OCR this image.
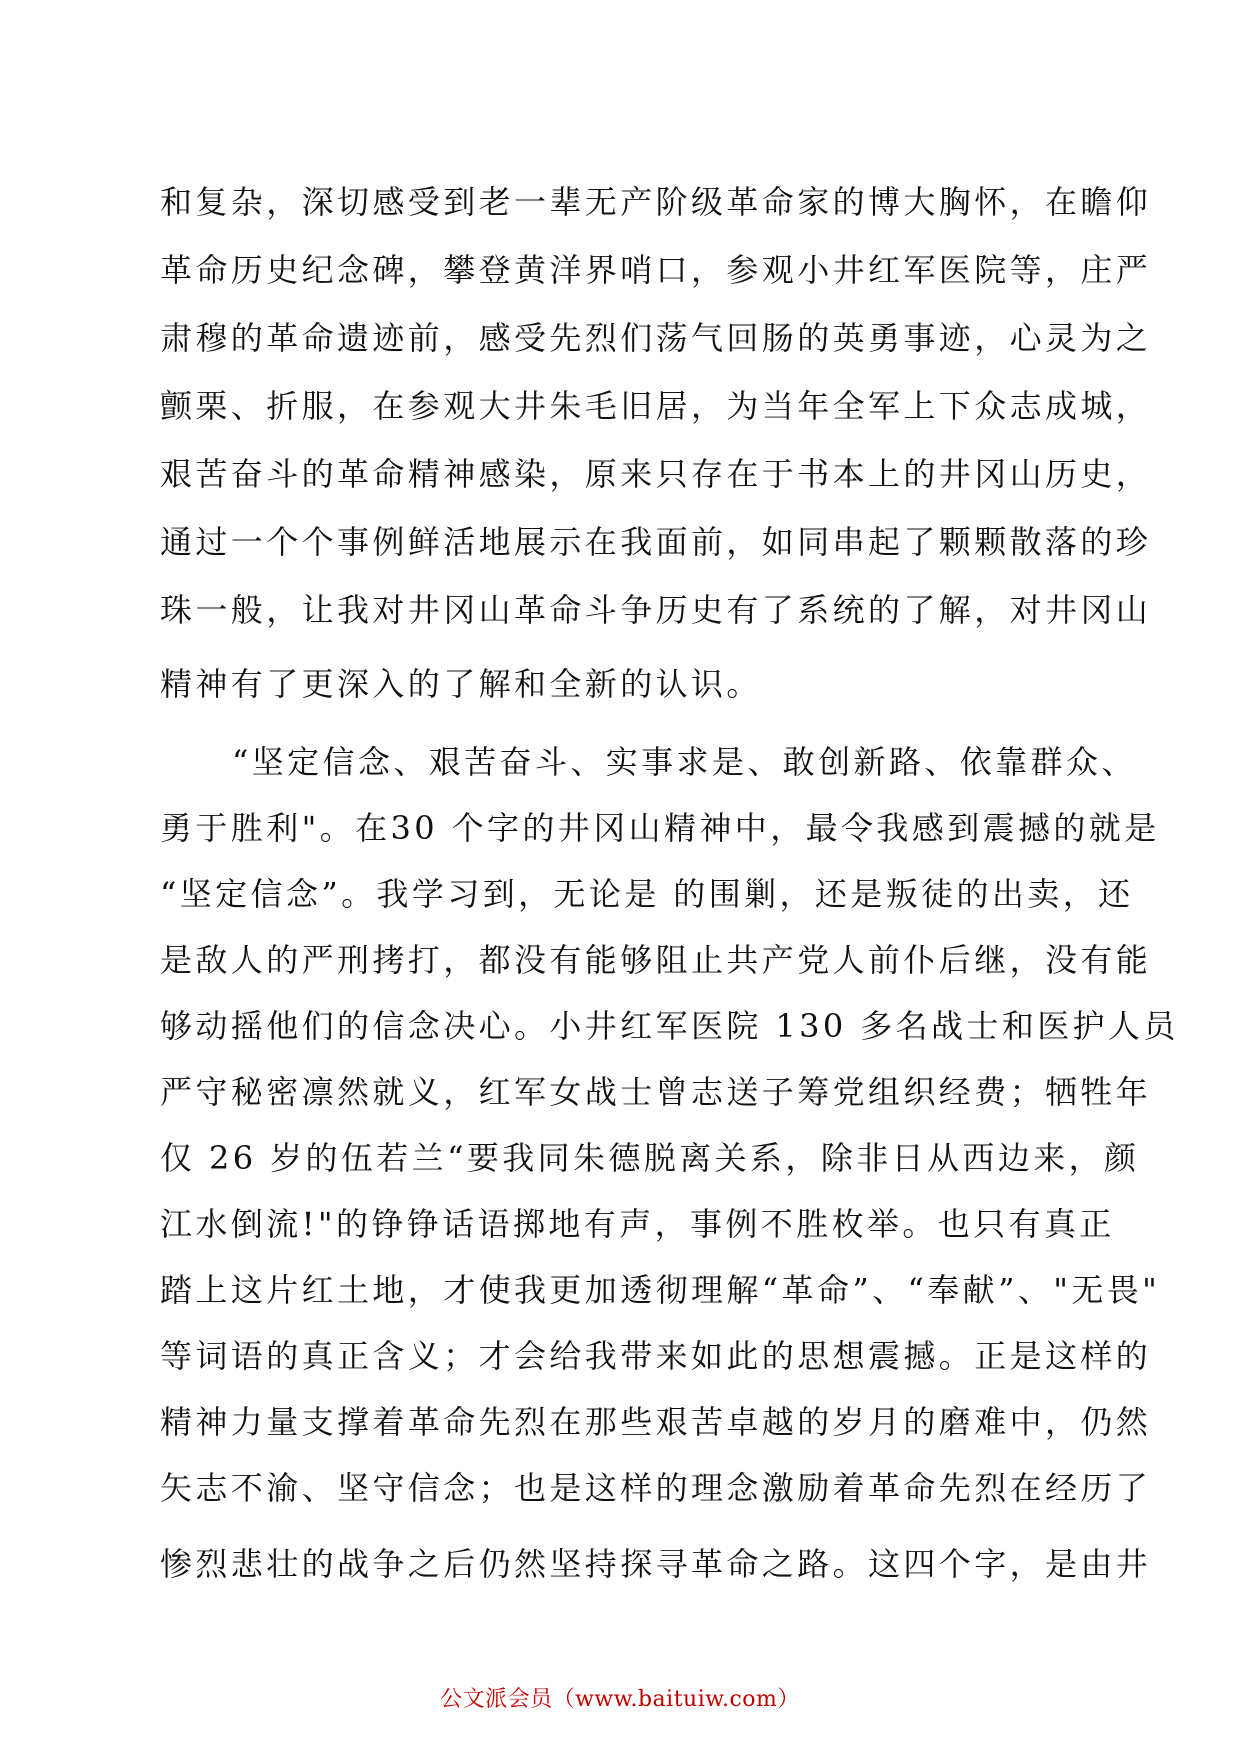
和复杂，深切感受到老一辈无产阶级革命家的博大胸怀，在瞻仰
革命历史纪念碑，攀登黄洋界哨口，参观小井红军医院等，庄严
肃穆的革命遗迹前，感受先烈们荡气回肠的英勇事迹，心灵为之
颤栗、折服，在参观大井朱毛旧居，为当年全军上下众志成城，
艰苦奋斗的革命精神感染，原来只存在于书本上的井冈山历史，
通过一个个事例鲜活地展示在我面前，如同串起了颗颗散落的珍
珠一般，让我对井冈山革命斗争历史有了系统的了解，对井冈山
精神有了更深入的了解和全新的认识。
“坚定信念、艰苦奋斗、实事求是、敢创新路、依靠群众、
勇于胜利"。在30 个字的井冈山精神中，最令我感到震撼的就是
“坚定信念”。我学习到，无论是 的围剿，还是叛徒的出卖，还
是敌人的严刑拷打，都没有能够阻止共产党人前仆后继，没有能
够动摇他们的信念决心。小井红军医院 130 多名战士和医护人员
严守秘密凛然就义，红军女战士曾志送子筹党组织经费；牺牲年
仅 26 岁的伍若兰“要我同朱德脱离关系，除非日从西边来，颜
江水倒流!"的铮铮话语掷地有声，事例不胜枚举。也只有真正
踏上这片红土地，才使我更加透彻理解“革命”、“奉献”、"无畏"
等词语的真正含义；才会给我带来如此的思想震撼。正是这样的
精神力量支撑着革命先烈在那些艰苦卓越的岁月的磨难中，仍然
矢志不渝、坚守信念；也是这样的理念激励着革命先烈在经历了
惨烈悲壮的战争之后仍然坚持探寻革命之路。这四个字，是由井
公文派会员（www.baituiw.com）
